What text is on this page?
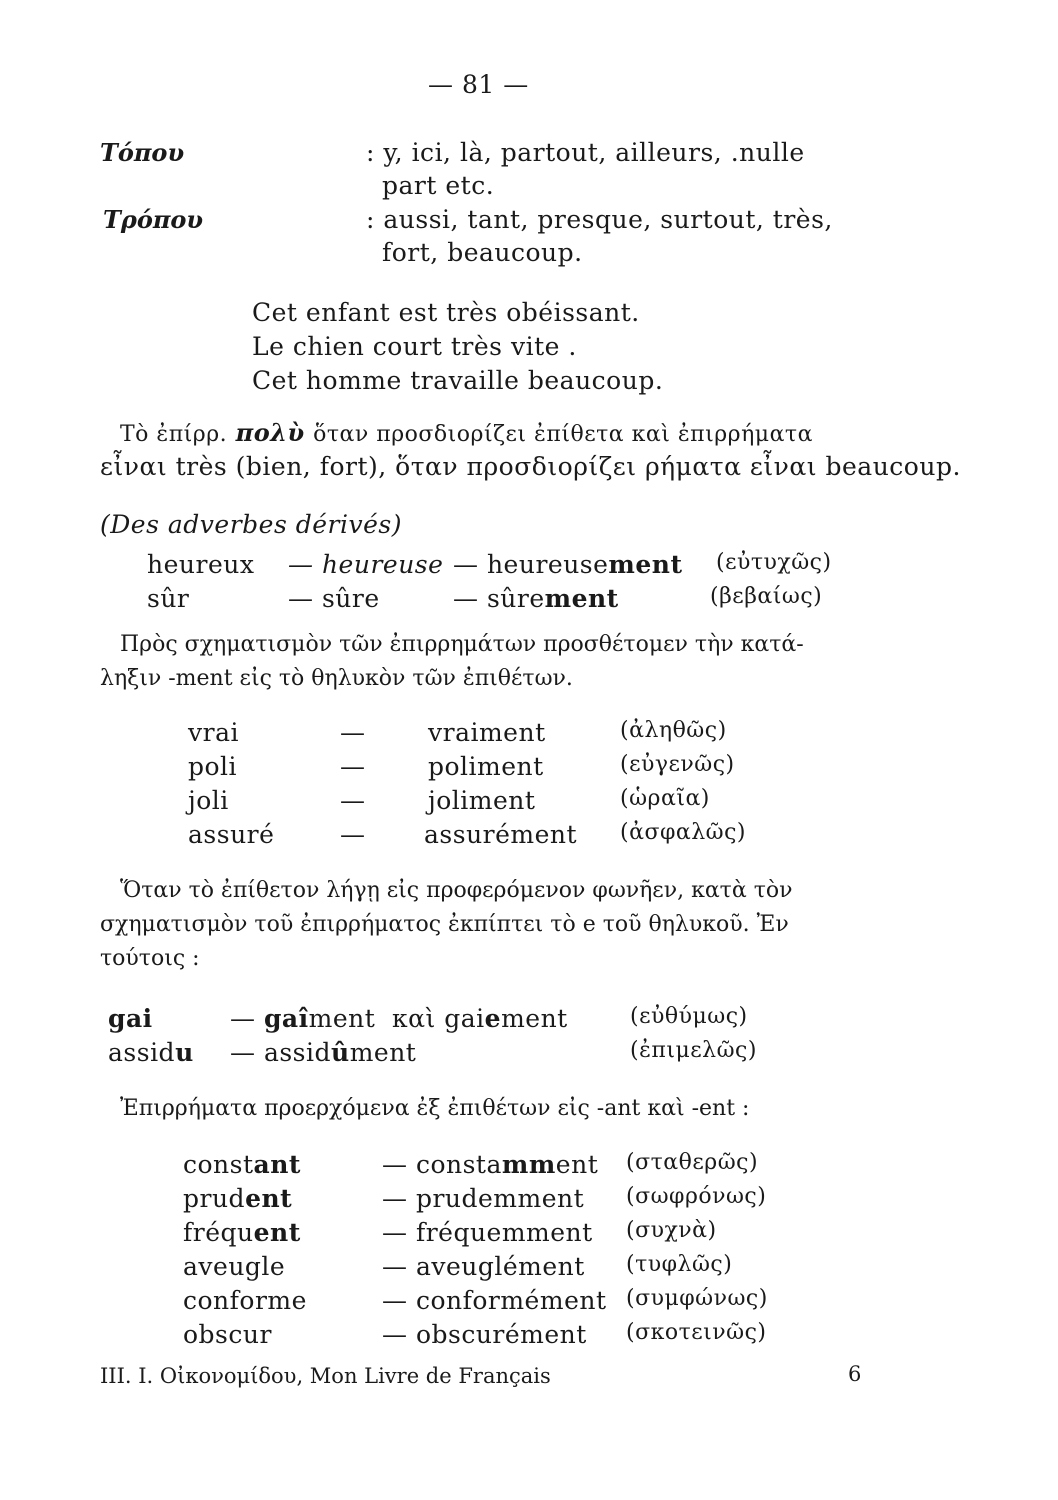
— 81 —
Τόπου	: y, ici, là, partout, ailleurs, .nulle
part etc.
Τρόπου	: aussi, tant, presque, surtout, très,
fort, beaucoup.
Cet enfant est très obéissant.
Le chien court très vite .
Cet homme travaille beaucoup.
Τὸ ἐπίρρ. πολὺ ὅταν προσδιορίζει ἐπίθετα καὶ ἐπιρρήματα
εἶναι très (bien, fort), ὅταν προσδιορίζει ρήματα εἶναι beaucoup.
(Des adverbes dérivés)
heureux — heureuse — heureusement (εὐτυχῶς)
sûr	— sûre	— sûrement	(βεβαίως)
Πρὸς σχηματισμὸν τῶν ἐπιρρημάτων προσθέτομεν τὴν κατά-
ληξιν -ment εἰς τὸ θηλυκὸν τῶν ἐπιθέτων.
vrai	—	vraiment	(ἀληθῶς)
poli	—	poliment	(εὐγενῶς)
joli	—	joliment	(ὡραῖα)
assuré	— assurément (ἀσφαλῶς)
Ὅταν τὸ ἐπίθετον λήγῃ εἰς προφερόμενον φωνῆεν, κατὰ τὸν
σχηματισμὸν τοῦ ἐπιρρήματος ἐκπίπτει τὸ e τοῦ θηλυκοῦ. Ἐν
τούτοις :
gai	— gaîment καὶ gaiement	(εὐθύμως)
assidu — assidûment	(ἐπιμελῶς)
Ἐπιρρήματα προερχόμενα ἐξ ἐπιθέτων εἰς -ant καὶ -ent :
constant	— constamment (σταθερῶς)
prudent	— prudemment (σωφρόνως)
fréquent	— fréquemment (συχνὰ)
aveugle	— aveuglément (τυφλῶς)
conforme	— conformément (συμφώνως)
obscur	— obscurément (σκοτεινῶς)
ΙΙΙ. Ι. Οἰκονομίδου, Mon Livre de Français	6
